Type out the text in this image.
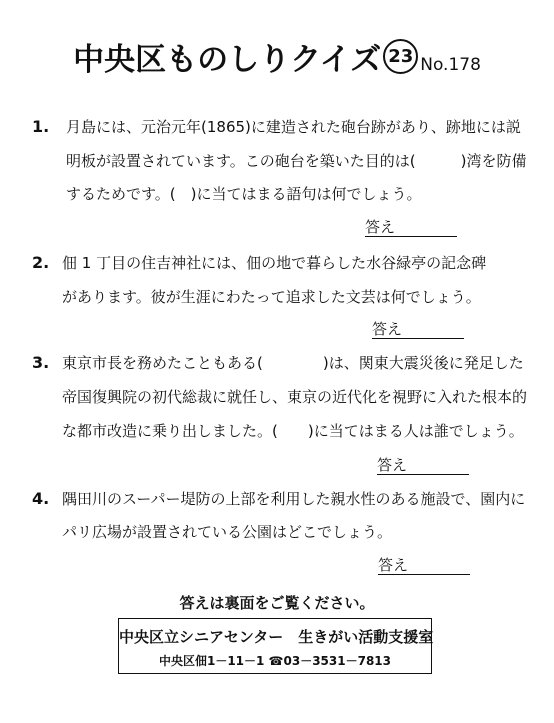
中央区ものしりクイズ 23 No.178
1. 月島には、元治元年(1865)に建造された砲台跡があり、跡地には説
明板が設置されています。この砲台を築いた目的は(　　　)湾を防備
するためです。(　)に当てはまる語句は何でしょう。
答え
2. 佃 1 丁目の住吉神社には、佃の地で暮らした水谷緑亭の記念碑
があります。彼が生涯にわたって追求した文芸は何でしょう。
答え
3. 東京市長を務めたこともある(　　　　)は、関東大震災後に発足した
帝国復興院の初代総裁に就任し、東京の近代化を視野に入れた根本的
な都市改造に乗り出しました。(　　)に当てはまる人は誰でしょう。
答え
4. 隅田川のスーパー堤防の上部を利用した親水性のある施設で、園内に
パリ広場が設置されている公園はどこでしょう。
答え
答えは裏面をご覧ください。
中央区立シニアセンター　生きがい活動支援室
中央区佃1－11－1 ☎03－3531－7813
